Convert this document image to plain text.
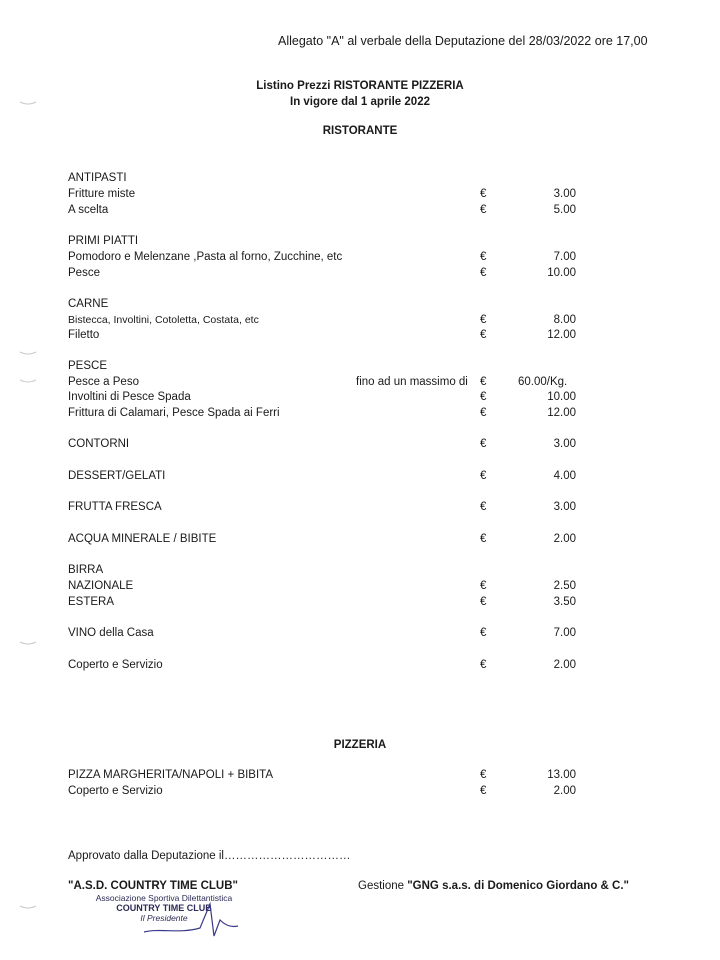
Allegato "A" al verbale della Deputazione del 28/03/2022 ore 17,00
Listino Prezzi RISTORANTE PIZZERIA
In vigore dal 1 aprile 2022
RISTORANTE
ANTIPASTI
Fritture miste	€	3.00
A scelta	€	5.00
PRIMI PIATTI
Pomodoro e Melenzane ,Pasta al forno, Zucchine, etc	€	7.00
Pesce	€	10.00
CARNE
Bistecca, Involtini, Cotoletta, Costata, etc	€	8.00
Filetto	€	12.00
PESCE
Pesce a Peso	fino ad un massimo di €	60.00/Kg.
Involtini di Pesce Spada	€	10.00
Frittura di Calamari, Pesce Spada ai Ferri	€	12.00
CONTORNI	€	3.00
DESSERT/GELATI	€	4.00
FRUTTA FRESCA	€	3.00
ACQUA MINERALE / BIBITE	€	2.00
BIRRA
NAZIONALE	€	2.50
ESTERA	€	3.50
VINO della Casa	€	7.00
Coperto e Servizio	€	2.00
PIZZERIA
PIZZA MARGHERITA/NAPOLI + BIBITA	€	13.00
Coperto e Servizio	€	2.00
Approvato dalla Deputazione il……………………………
"A.S.D. COUNTRY TIME CLUB"	Gestione "GNG s.a.s. di Domenico Giordano & C."
Associazione Sportiva Dilettantistica
COUNTRY TIME CLUB
Il Presidente
